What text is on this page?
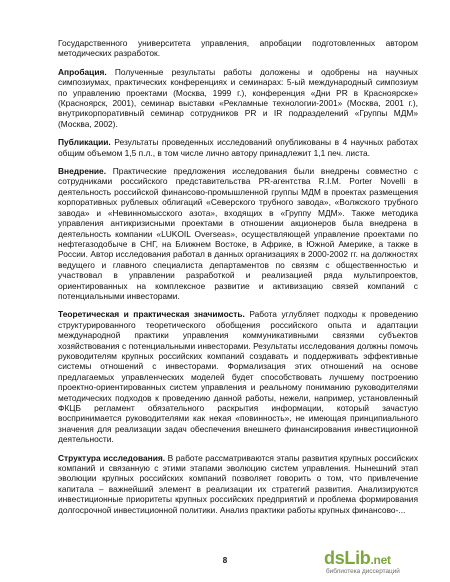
Государственного университета управления, апробации подготовленных автором методических разработок.

Апробация. Полученные результаты работы доложены и одобрены на научных симпозиумах, практических конференциях и семинарах: 5-ый международный симпозиум по управлению проектами (Москва, 1999 г.), конференция «Дни PR в Красноярске» (Красноярск, 2001), семинар выставки «Рекламные технологии-2001» (Москва, 2001 г.), внутрикорпоративный семинар сотрудников PR и IR подразделений «Группы МДМ» (Москва, 2002).

Публикации. Результаты проведенных исследований опубликованы в 4 научных работах общим объемом 1,5 п.л., в том числе лично автору принадлежит 1,1 печ. листа.

Внедрение. Практические предложения исследования были внедрены совместно с сотрудниками российского представительства PR-агентства R.I.M. Porter Novelli в деятельность российской финансово-промышленной группы МДМ в проектах размещения корпоративных рублевых облигаций «Северского трубного завода», «Волжского трубного завода» и «Невинномысского азота», входящих в «Группу МДМ». Также методика управления антикризисными проектами в отношении акционеров была внедрена в деятельность компании «LUKOIL Overseas», осуществляющей управление проектами по нефтегазодобыче в СНГ, на Ближнем Востоке, в Африке, в Южной Америке, а также в России. Автор исследования работал в данных организациях в 2000-2002 гг. на должностях ведущего и главного специалиста департаментов по связям с общественностью и участвовал в управлении разработкой и реализацией ряда мультипроектов, ориентированных на комплексное развитие и активизацию связей компаний с потенциальными инвесторами.

Теоретическая и практическая значимость. Работа углубляет подходы к проведению структурированного теоретического обобщения российского опыта и адаптации международной практики управления коммуникативными связями субъектов хозяйствования с потенциальными инвесторами. Результаты исследования должны помочь руководителям крупных российских компаний создавать и поддерживать эффективные системы отношений с инвесторами. Формализация этих отношений на основе предлагаемых управленческих моделей будет способствовать лучшему построению проектно-ориентированных систем управления и реальному пониманию руководителями методических подходов к проведению данной работы, нежели, например, установленный ФКЦБ регламент обязательного раскрытия информации, который зачастую воспринимается руководителями как некая «повинность», не имеющая принципиального значения для реализации задач обеспечения внешнего финансирования инвестиционной деятельности.

Структура исследования. В работе рассматриваются этапы развития крупных российских компаний и связанную с этими этапами эволюцию систем управления. Нынешний этап эволюции крупных российских компаний позволяет говорить о том, что привлечение капитала – важнейший элемент в реализации их стратегий развития. Анализируются инвестиционные приоритеты крупных российских предприятий и проблема формирования долгосрочной инвестиционной политики. Анализ практики работы крупных финансово-...

8	dsLib.net
библиотека диссертаций
